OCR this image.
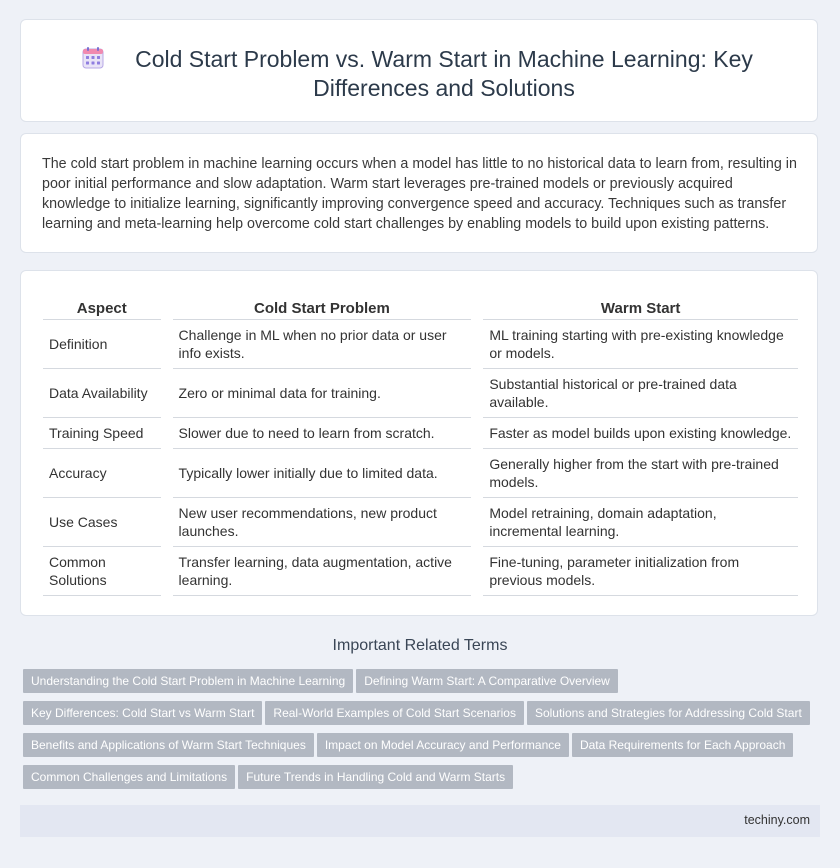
Cold Start Problem vs. Warm Start in Machine Learning: Key Differences and Solutions
The cold start problem in machine learning occurs when a model has little to no historical data to learn from, resulting in poor initial performance and slow adaptation. Warm start leverages pre-trained models or previously acquired knowledge to initialize learning, significantly improving convergence speed and accuracy. Techniques such as transfer learning and meta-learning help overcome cold start challenges by enabling models to build upon existing patterns.
Aspect		Cold Start Problem		Warm Start
Definition		Challenge in ML when no prior data or user info exists.		ML training starting with pre-existing knowledge or models.
Data Availability		Zero or minimal data for training.		Substantial historical or pre-trained data available.
Training Speed		Slower due to need to learn from scratch.		Faster as model builds upon existing knowledge.
Accuracy		Typically lower initially due to limited data.		Generally higher from the start with pre-trained models.
Use Cases		New user recommendations, new product launches.		Model retraining, domain adaptation, incremental learning.
Common Solutions		Transfer learning, data augmentation, active learning.		Fine-tuning, parameter initialization from previous models.
Important Related Terms
Understanding the Cold Start Problem in Machine Learning Defining Warm Start: A Comparative Overview
Key Differences: Cold Start vs Warm Start Real-World Examples of Cold Start Scenarios Solutions and Strategies for Addressing Cold Start
Benefits and Applications of Warm Start Techniques Impact on Model Accuracy and Performance Data Requirements for Each Approach
Common Challenges and Limitations Future Trends in Handling Cold and Warm Starts
techiny.com
